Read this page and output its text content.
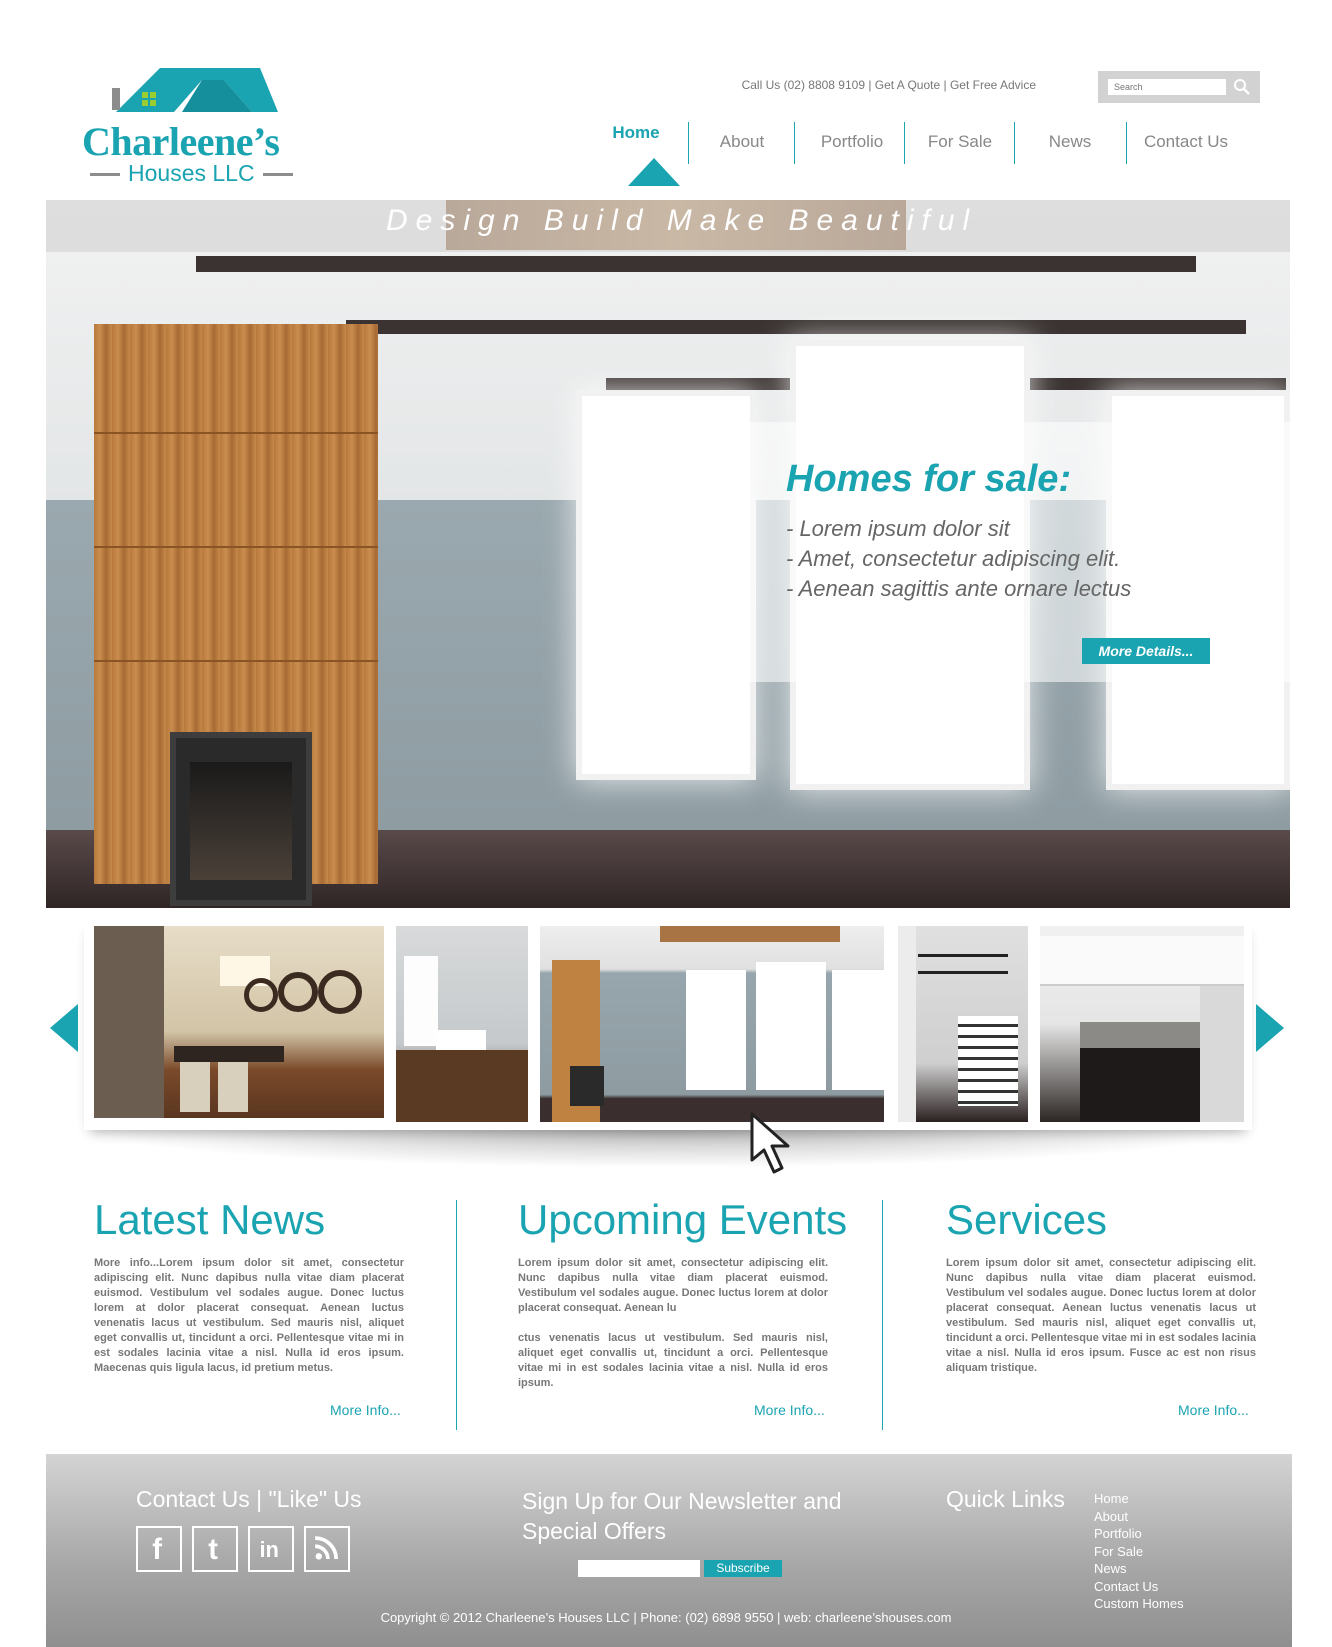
Charleene’s
Houses LLC
Call Us (02) 8808 9109 | Get A Quote | Get Free Advice
Search
Home	About	Portfolio	For Sale	News	Contact Us
Design Build Make Beautiful
Homes for sale:
- Lorem ipsum dolor sit
- Amet, consectetur adipiscing elit.
- Aenean sagittis ante ornare lectus
More Details...
Latest News

More info...Lorem ipsum dolor sit amet, consectetur adipiscing elit. Nunc dapibus nulla vitae diam placerat euismod. Vestibulum vel sodales augue. Donec luctus lorem at dolor placerat consequat. Aenean luctus venenatis lacus ut vestibulum. Sed mauris nisl, aliquet eget convallis ut, tincidunt a orci. Pellentesque vitae mi in est sodales lacinia vitae a nisl. Nulla id eros ipsum. Maecenas quis ligula lacus, id pretium metus.

More Info...
Upcoming Events

Lorem ipsum dolor sit amet, consectetur adipiscing elit. Nunc dapibus nulla vitae diam placerat euismod. Vestibulum vel sodales augue. Donec luctus lorem at dolor placerat consequat. Aenean lu

ctus venenatis lacus ut vestibulum. Sed mauris nisl, aliquet eget convallis ut, tincidunt a orci. Pellentesque vitae mi in est sodales lacinia vitae a nisl. Nulla id eros ipsum.

More Info...
Services

Lorem ipsum dolor sit amet, consectetur adipiscing elit. Nunc dapibus nulla vitae diam placerat euismod. Vestibulum vel sodales augue. Donec luctus lorem at dolor placerat consequat. Aenean luctus venenatis lacus ut vestibulum. Sed mauris nisl, aliquet eget convallis ut, tincidunt a orci. Pellentesque vitae mi in est sodales lacinia vitae a nisl. Nulla id eros ipsum. Fusce ac est non risus aliquam tristique.

More Info...
Contact Us | "Like" Us
f t in
Sign Up for Our Newsletter and
Special Offers
Subscribe
Quick Links Home
About
Portfolio
For Sale
News
Contact Us
Custom Homes
Copyright © 2012 Charleene’s Houses LLC | Phone: (02) 6898 9550 | web: charleene’shouses.com
